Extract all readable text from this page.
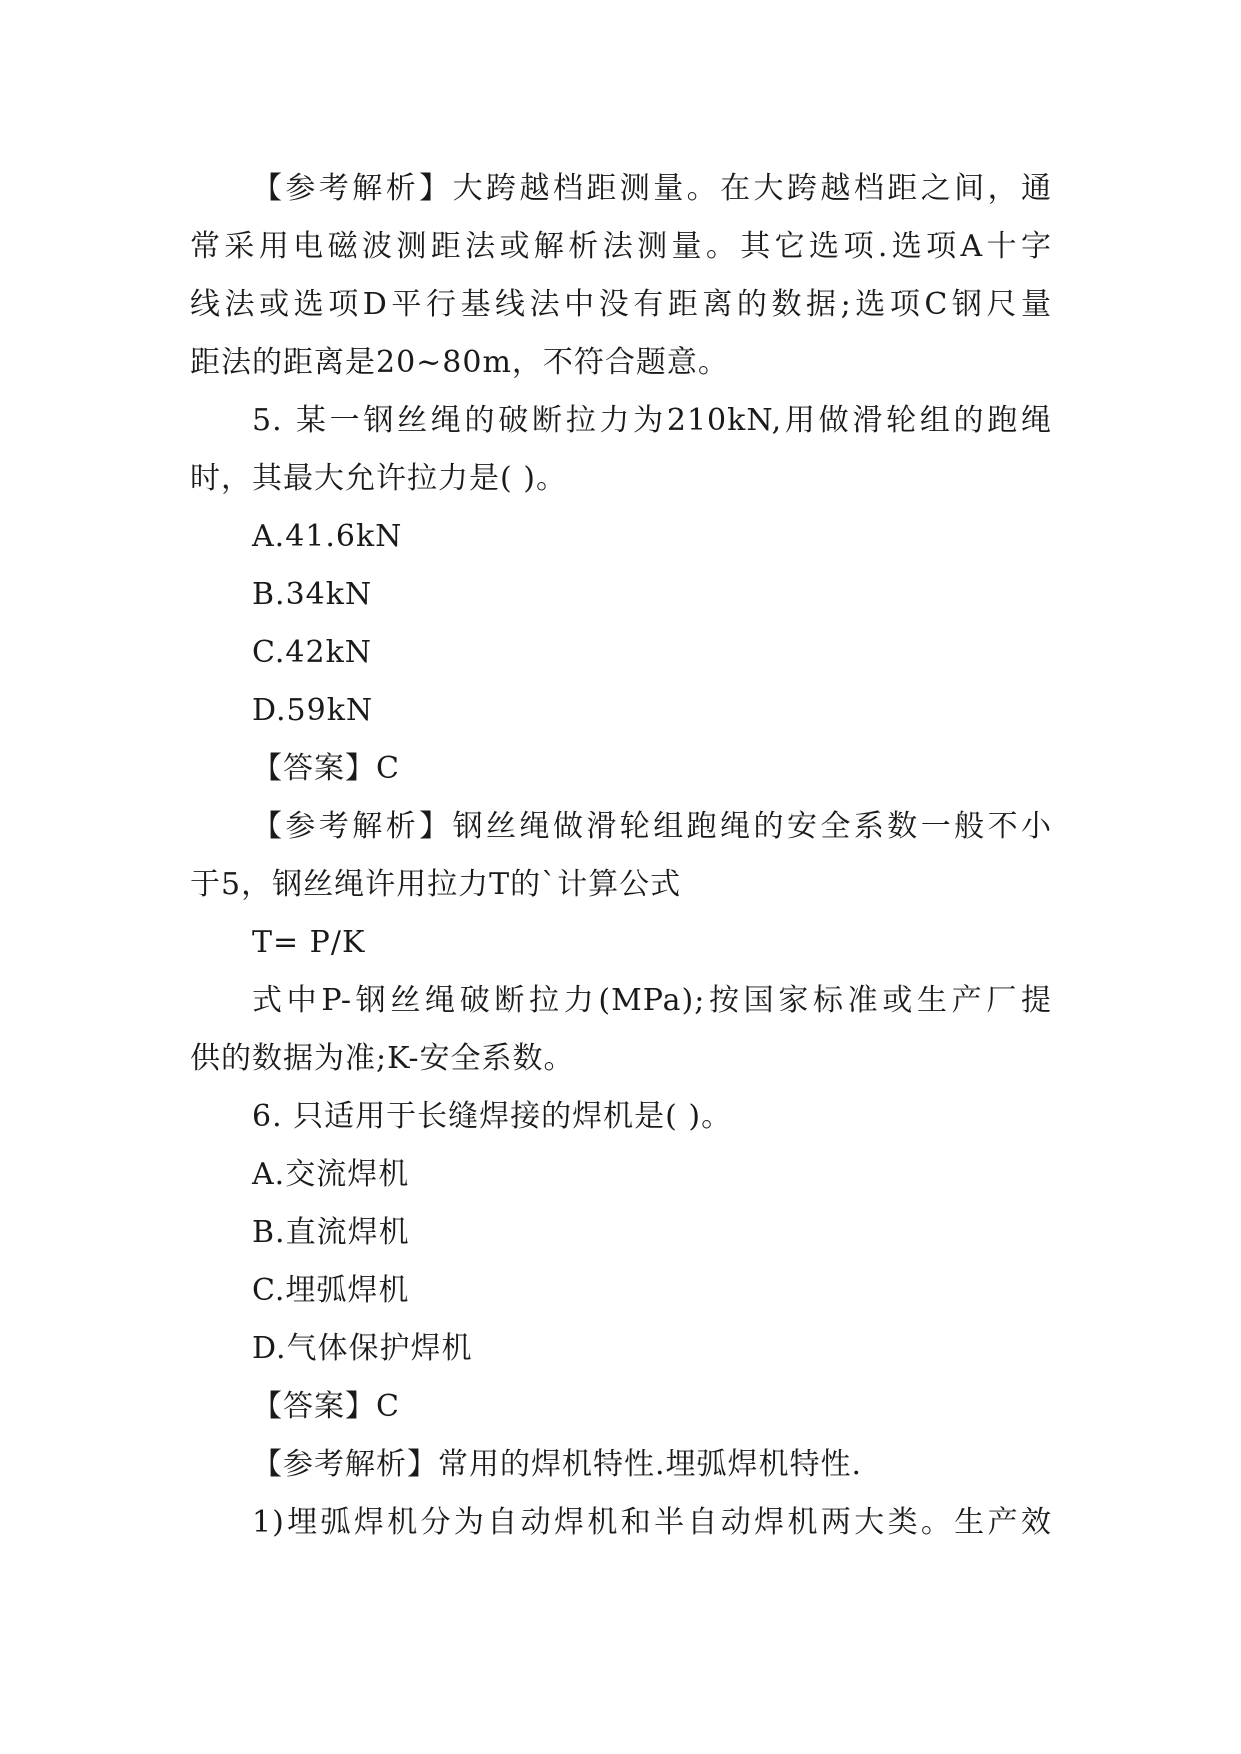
【参考解析】大跨越档距测量。在大跨越档距之间，通
常采用电磁波测距法或解析法测量。其它选项.选项A十字
线法或选项D平行基线法中没有距离的数据;选项C钢尺量
距法的距离是20~80m，不符合题意。
5. 某一钢丝绳的破断拉力为210kN,用做滑轮组的跑绳
时，其最大允许拉力是( )。
A.41.6kN
B.34kN
C.42kN
D.59kN
【答案】C
【参考解析】钢丝绳做滑轮组跑绳的安全系数一般不小
于5，钢丝绳许用拉力T的`计算公式
T= P/K
式中P-钢丝绳破断拉力(MPa);按国家标准或生产厂提
供的数据为准;K-安全系数。
6. 只适用于长缝焊接的焊机是( )。
A.交流焊机
B.直流焊机
C.埋弧焊机
D.气体保护焊机
【答案】C
【参考解析】常用的焊机特性.埋弧焊机特性.
1)埋弧焊机分为自动焊机和半自动焊机两大类。生产效
